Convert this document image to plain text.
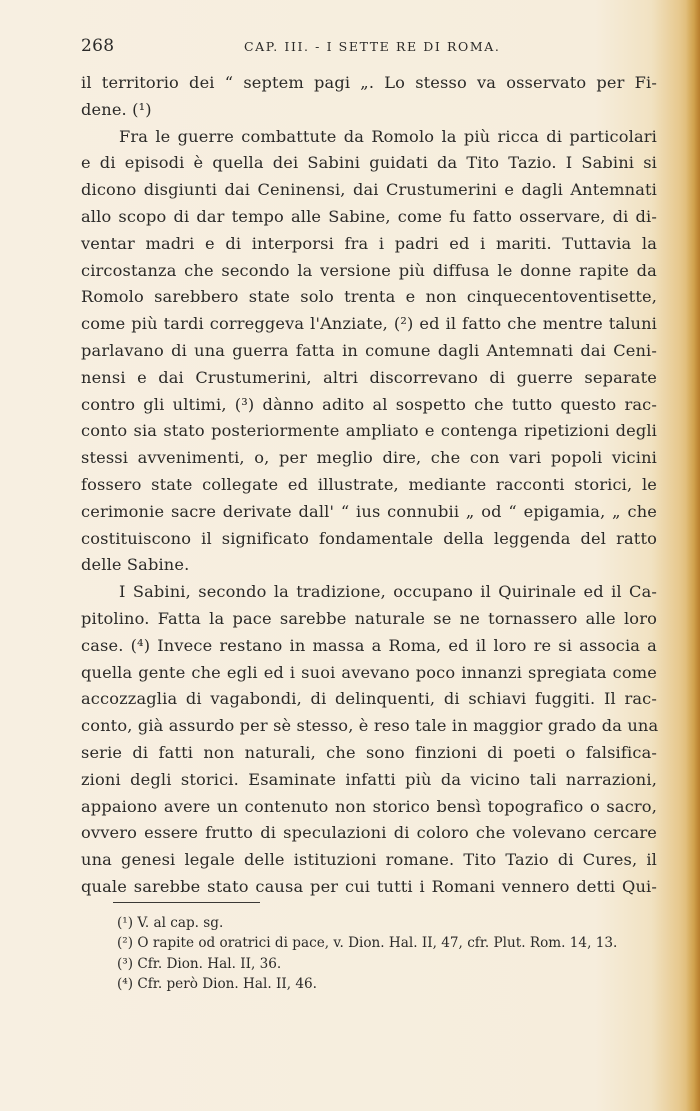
268	CAP. III. - I SETTE RE DI ROMA.
il territorio dei “ septem pagi „. Lo stesso va osservato per Fi-
dene. (¹)
Fra le guerre combattute da Romolo la più ricca di particolari
e di episodi è quella dei Sabini guidati da Tito Tazio. I Sabini si
dicono disgiunti dai Ceninensi, dai Crustumerini e dagli Antemnati
allo scopo di dar tempo alle Sabine, come fu fatto osservare, di di-
ventar madri e di interporsi fra i padri ed i mariti. Tuttavia la
circostanza che secondo la versione più diffusa le donne rapite da
Romolo sarebbero state solo trenta e non cinquecentoventisette,
come più tardi correggeva l'Anziate, (²) ed il fatto che mentre taluni
parlavano di una guerra fatta in comune dagli Antemnati dai Ceni-
nensi e dai Crustumerini, altri discorrevano di guerre separate
contro gli ultimi, (³) dànno adito al sospetto che tutto questo rac-
conto sia stato posteriormente ampliato e contenga ripetizioni degli
stessi avvenimenti, o, per meglio dire, che con vari popoli vicini
fossero state collegate ed illustrate, mediante racconti storici, le
cerimonie sacre derivate dall' “ ius connubii „ od “ epigamia, „ che
costituiscono il significato fondamentale della leggenda del ratto
delle Sabine.
I Sabini, secondo la tradizione, occupano il Quirinale ed il Ca-
pitolino. Fatta la pace sarebbe naturale se ne tornassero alle loro
case. (⁴) Invece restano in massa a Roma, ed il loro re si associa a
quella gente che egli ed i suoi avevano poco innanzi spregiata come
accozzaglia di vagabondi, di delinquenti, di schiavi fuggiti. Il rac-
conto, già assurdo per sè stesso, è reso tale in maggior grado da una
serie di fatti non naturali, che sono finzioni di poeti o falsifica-
zioni degli storici. Esaminate infatti più da vicino tali narrazioni,
appaiono avere un contenuto non storico bensì topografico o sacro,
ovvero essere frutto di speculazioni di coloro che volevano cercare
una genesi legale delle istituzioni romane. Tito Tazio di Cures, il
quale sarebbe stato causa per cui tutti i Romani vennero detti Qui-
(¹) V. al cap. sg.
(²) O rapite od oratrici di pace, v. Dion. Hal. II, 47, cfr. Plut. Rom. 14, 13.
(³) Cfr. Dion. Hal. II, 36.
(⁴) Cfr. però Dion. Hal. II, 46.
